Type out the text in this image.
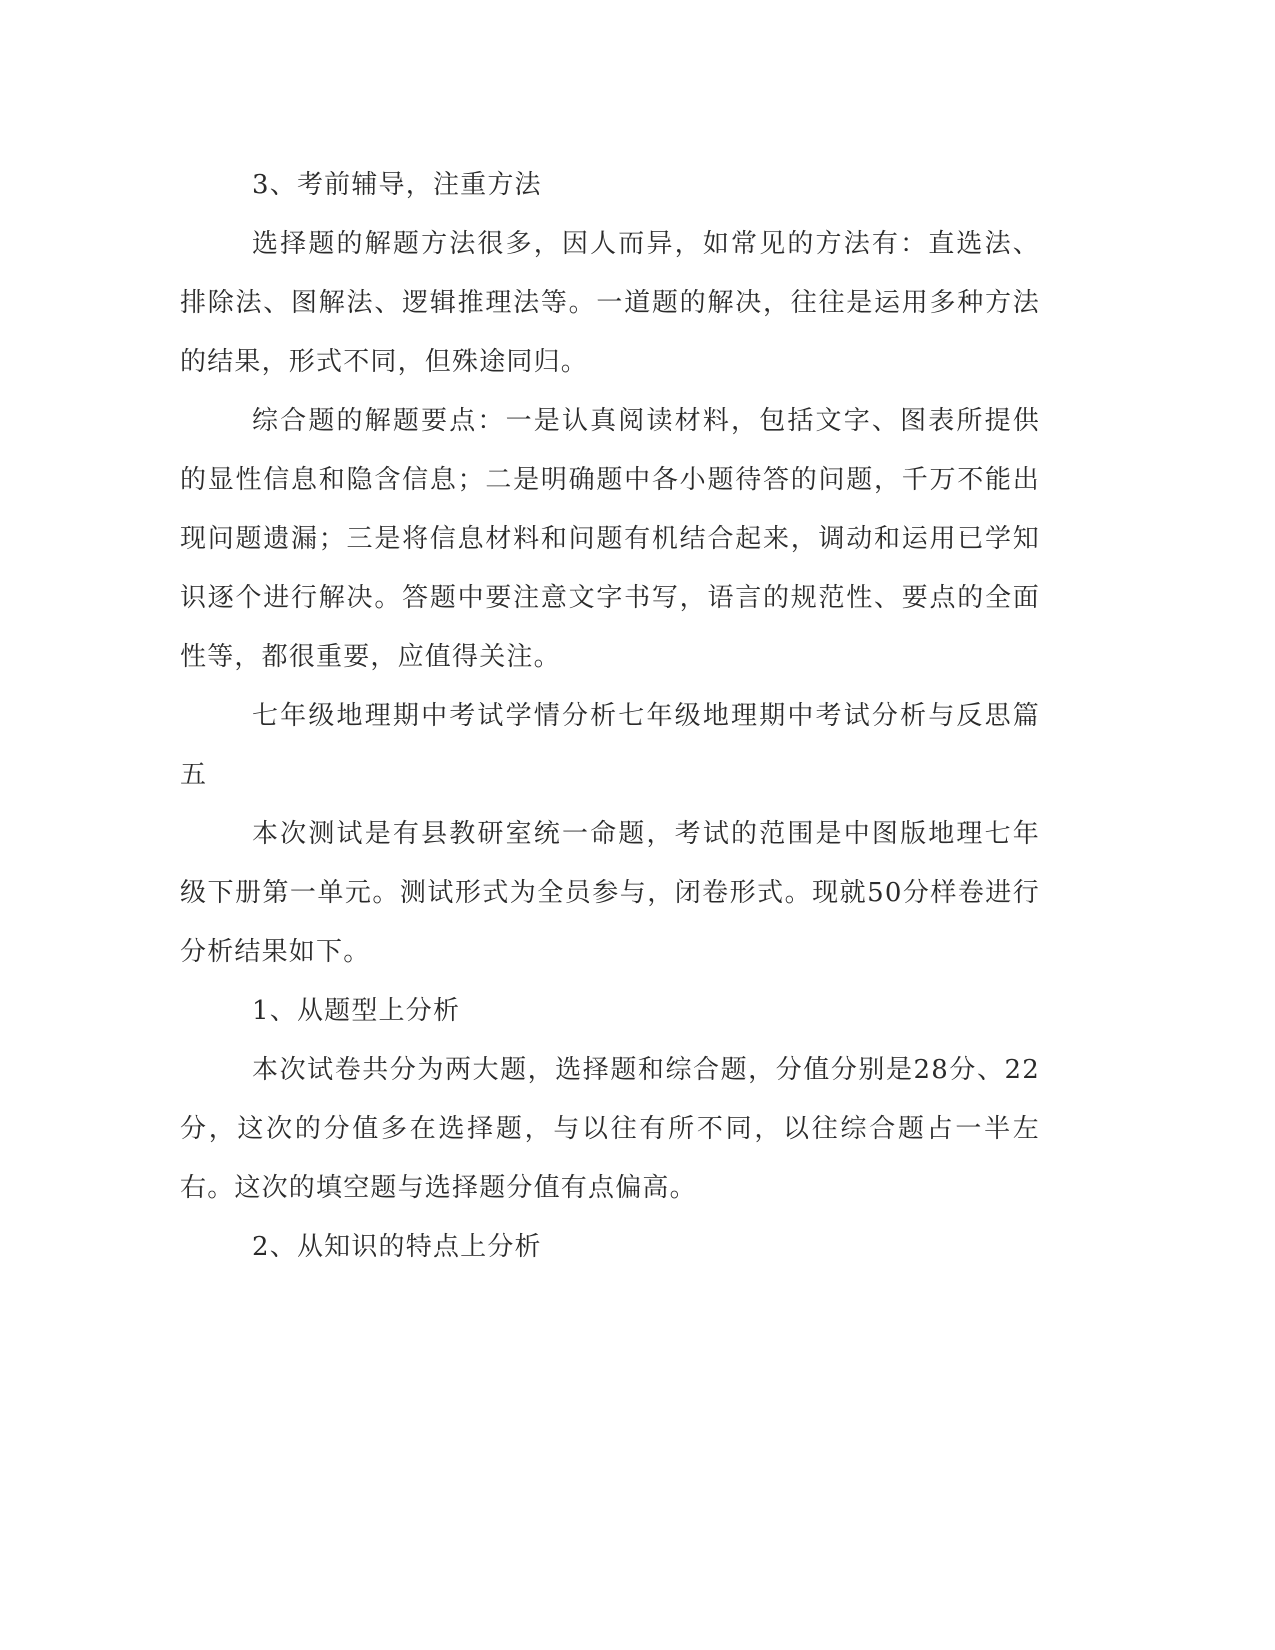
3、考前辅导，注重方法

选择题的解题方法很多，因人而异，如常见的方法有：直选法、排除法、图解法、逻辑推理法等。一道题的解决，往往是运用多种方法的结果，形式不同，但殊途同归。

综合题的解题要点：一是认真阅读材料，包括文字、图表所提供的显性信息和隐含信息；二是明确题中各小题待答的问题，千万不能出现问题遗漏；三是将信息材料和问题有机结合起来，调动和运用已学知识逐个进行解决。答题中要注意文字书写，语言的规范性、要点的全面性等，都很重要，应值得关注。

七年级地理期中考试学情分析七年级地理期中考试分析与反思篇五

本次测试是有县教研室统一命题，考试的范围是中图版地理七年级下册第一单元。测试形式为全员参与，闭卷形式。现就50分样卷进行分析结果如下。

1、从题型上分析

本次试卷共分为两大题，选择题和综合题，分值分别是28分、22分，这次的分值多在选择题，与以往有所不同，以往综合题占一半左右。这次的填空题与选择题分值有点偏高。

2、从知识的特点上分析
